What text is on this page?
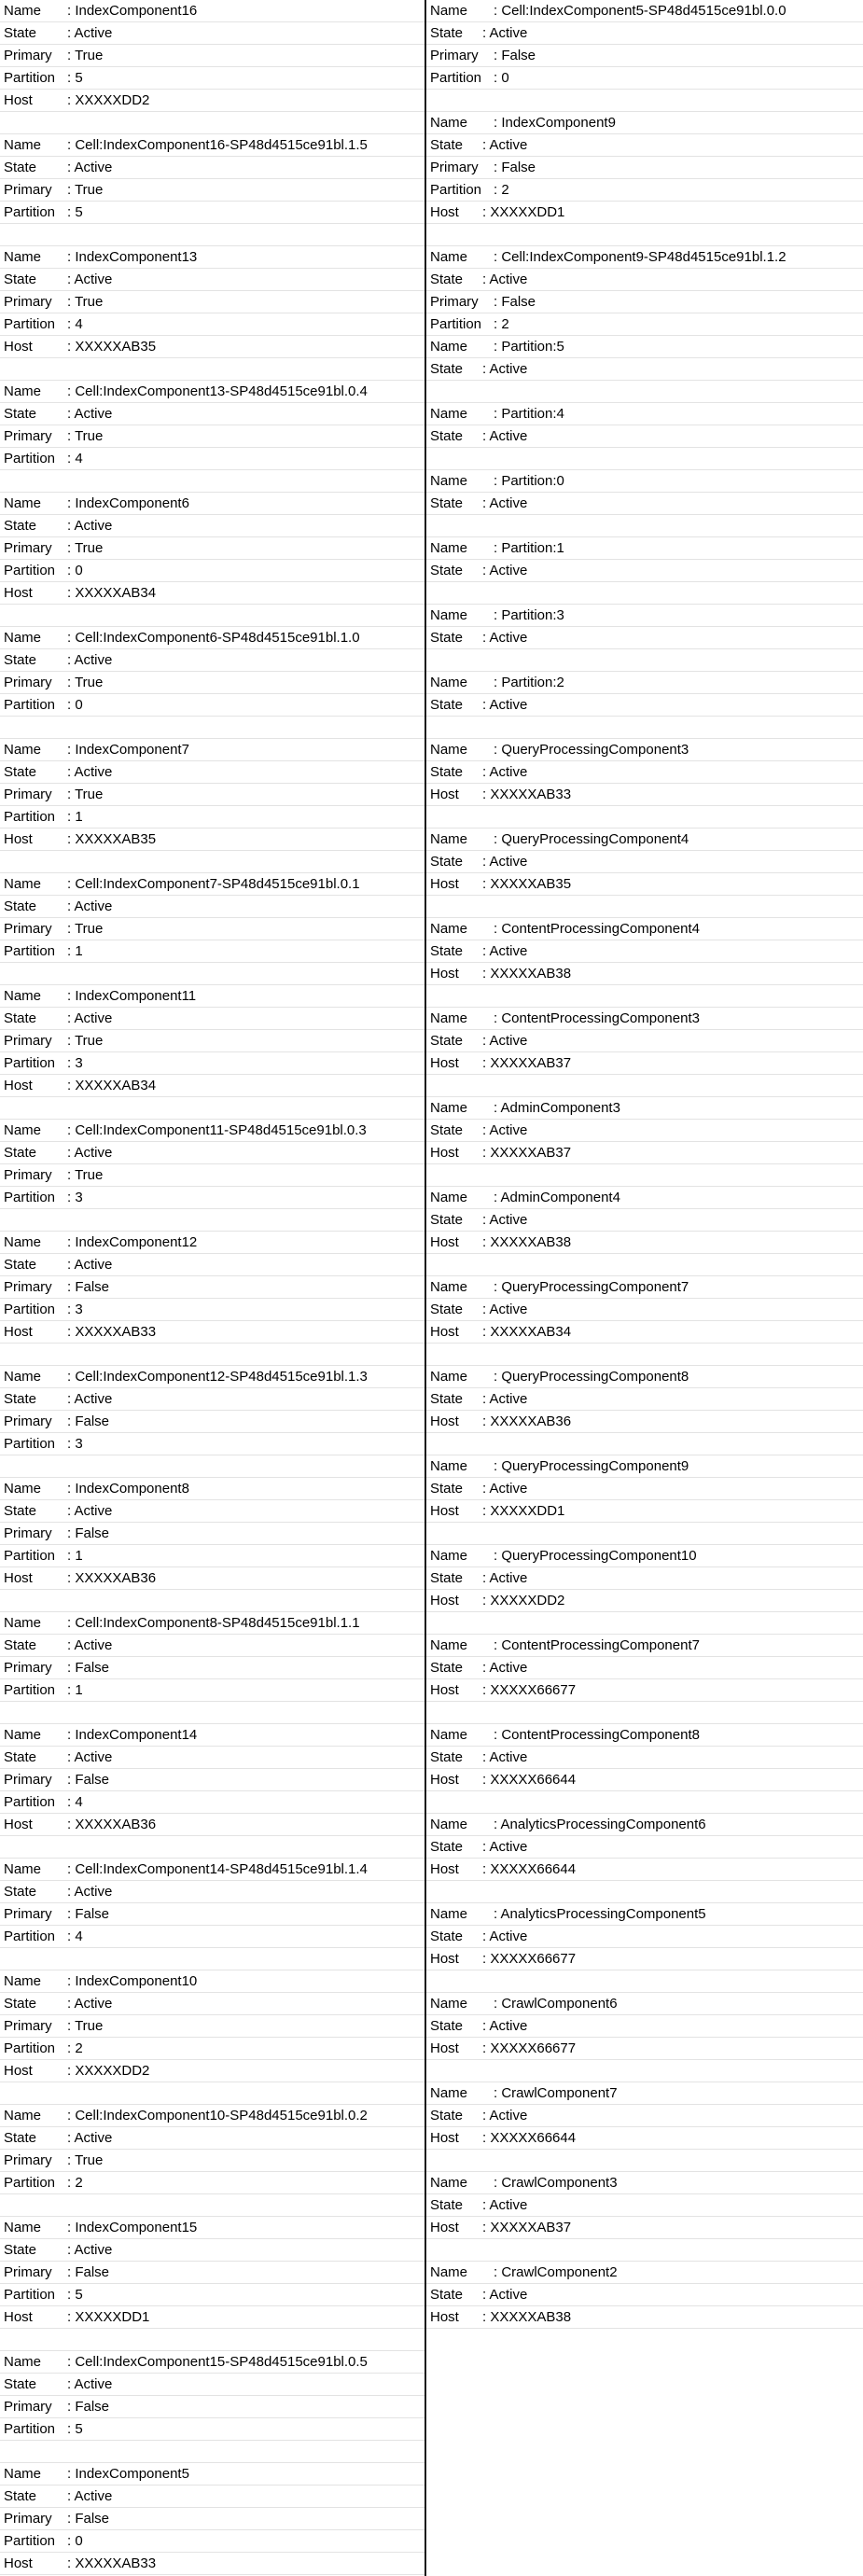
Name : IndexComponent16
State : Active
Primary : True
Partition : 5
Host : XXXXXDD2
Name : Cell:IndexComponent16-SP48d4515ce91bl.1.5
State : Active
Primary : True
Partition : 5
Name : IndexComponent13
State : Active
Primary : True
Partition : 4
Host : XXXXXAB35
Name : Cell:IndexComponent13-SP48d4515ce91bl.0.4
State : Active
Primary : True
Partition : 4
Name : IndexComponent6
State : Active
Primary : True
Partition : 0
Host : XXXXXAB34
Name : Cell:IndexComponent6-SP48d4515ce91bl.1.0
State : Active
Primary : True
Partition : 0
Name : IndexComponent7
State : Active
Primary : True
Partition : 1
Host : XXXXXAB35
Name : Cell:IndexComponent7-SP48d4515ce91bl.0.1
State : Active
Primary : True
Partition : 1
Name : IndexComponent11
State : Active
Primary : True
Partition : 3
Host : XXXXXAB34
Name : Cell:IndexComponent11-SP48d4515ce91bl.0.3
State : Active
Primary : True
Partition : 3
Name : IndexComponent12
State : Active
Primary : False
Partition : 3
Host : XXXXXAB33
Name : Cell:IndexComponent12-SP48d4515ce91bl.1.3
State : Active
Primary : False
Partition : 3
Name : IndexComponent8
State : Active
Primary : False
Partition : 1
Host : XXXXXAB36
Name : Cell:IndexComponent8-SP48d4515ce91bl.1.1
State : Active
Primary : False
Partition : 1
Name : IndexComponent14
State : Active
Primary : False
Partition : 4
Host : XXXXXAB36
Name : Cell:IndexComponent14-SP48d4515ce91bl.1.4
State : Active
Primary : False
Partition : 4
Name : IndexComponent10
State : Active
Primary : True
Partition : 2
Host : XXXXXDD2
Name : Cell:IndexComponent10-SP48d4515ce91bl.0.2
State : Active
Primary : True
Partition : 2
Name : IndexComponent15
State : Active
Primary : False
Partition : 5
Host : XXXXXDD1
Name : Cell:IndexComponent15-SP48d4515ce91bl.0.5
State : Active
Primary : False
Partition : 5
Name : IndexComponent5
State : Active
Primary : False
Partition : 0
Host : XXXXXAB33
Name : Cell:IndexComponent5-SP48d4515ce91bl.0.0
State : Active
Primary : False
Partition : 0
Name : IndexComponent9
State : Active
Primary : False
Partition : 2
Host : XXXXXDD1
Name : Cell:IndexComponent9-SP48d4515ce91bl.1.2
State : Active
Primary : False
Partition : 2
Name : Partition:5
State : Active
Name : Partition:4
State : Active
Name : Partition:0
State : Active
Name : Partition:1
State : Active
Name : Partition:3
State : Active
Name : Partition:2
State : Active
Name : QueryProcessingComponent3
State : Active
Host : XXXXXAB33
Name : QueryProcessingComponent4
State : Active
Host : XXXXXAB35
Name : ContentProcessingComponent4
State : Active
Host : XXXXXAB38
Name : ContentProcessingComponent3
State : Active
Host : XXXXXAB37
Name : AdminComponent3
State : Active
Host : XXXXXAB37
Name : AdminComponent4
State : Active
Host : XXXXXAB38
Name : QueryProcessingComponent7
State : Active
Host : XXXXXAB34
Name : QueryProcessingComponent8
State : Active
Host : XXXXXAB36
Name : QueryProcessingComponent9
State : Active
Host : XXXXXDD1
Name : QueryProcessingComponent10
State : Active
Host : XXXXXDD2
Name : ContentProcessingComponent7
State : Active
Host : XXXXX66677
Name : ContentProcessingComponent8
State : Active
Host : XXXXX66644
Name : AnalyticsProcessingComponent6
State : Active
Host : XXXXX66644
Name : AnalyticsProcessingComponent5
State : Active
Host : XXXXX66677
Name : CrawlComponent6
State : Active
Host : XXXXX66677
Name : CrawlComponent7
State : Active
Host : XXXXX66644
Name : CrawlComponent3
State : Active
Host : XXXXXAB37
Name : CrawlComponent2
State : Active
Host : XXXXXAB38
